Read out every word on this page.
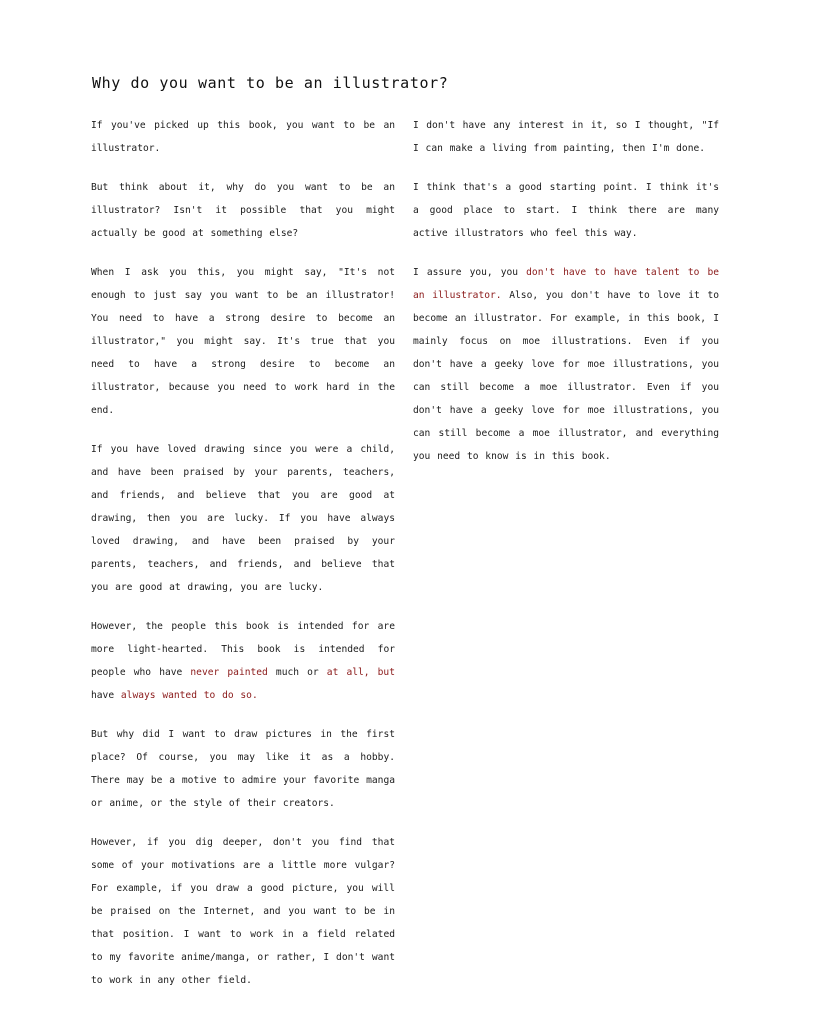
Why do you want to be an illustrator?

If you've picked up this book, you want to be an illustrator.

But think about it, why do you want to be an illustrator? Isn't it possible that you might actually be good at something else?

When I ask you this, you might say, "It's not enough to just say you want to be an illustrator! You need to have a strong desire to become an illustrator," you might say. It's true that you need to have a strong desire to become an illustrator, because you need to work hard in the end.

If you have loved drawing since you were a child, and have been praised by your parents, teachers, and friends, and believe that you are good at drawing, then you are lucky. If you have always loved drawing, and have been praised by your parents, teachers, and friends, and believe that you are good at drawing, you are lucky.

However, the people this book is intended for are more light-hearted. This book is intended for people who have never painted much or at all, but have always wanted to do so.

But why did I want to draw pictures in the first place? Of course, you may like it as a hobby. There may be a motive to admire your favorite manga or anime, or the style of their creators.

However, if you dig deeper, don't you find that some of your motivations are a little more vulgar? For example, if you draw a good picture, you will be praised on the Internet, and you want to be in that position. I want to work in a field related to my favorite anime/manga, or rather, I don't want to work in any other field.

I don't have any interest in it, so I thought, "If I can make a living from painting, then I'm done.

I think that's a good starting point. I think it's a good place to start. I think there are many active illustrators who feel this way.

I assure you, you don't have to have talent to be an illustrator. Also, you don't have to love it to become an illustrator. For example, in this book, I mainly focus on moe illustrations. Even if you don't have a geeky love for moe illustrations, you can still become a moe illustrator. Even if you don't have a geeky love for moe illustrations, you can still become a moe illustrator, and everything you need to know is in this book.
